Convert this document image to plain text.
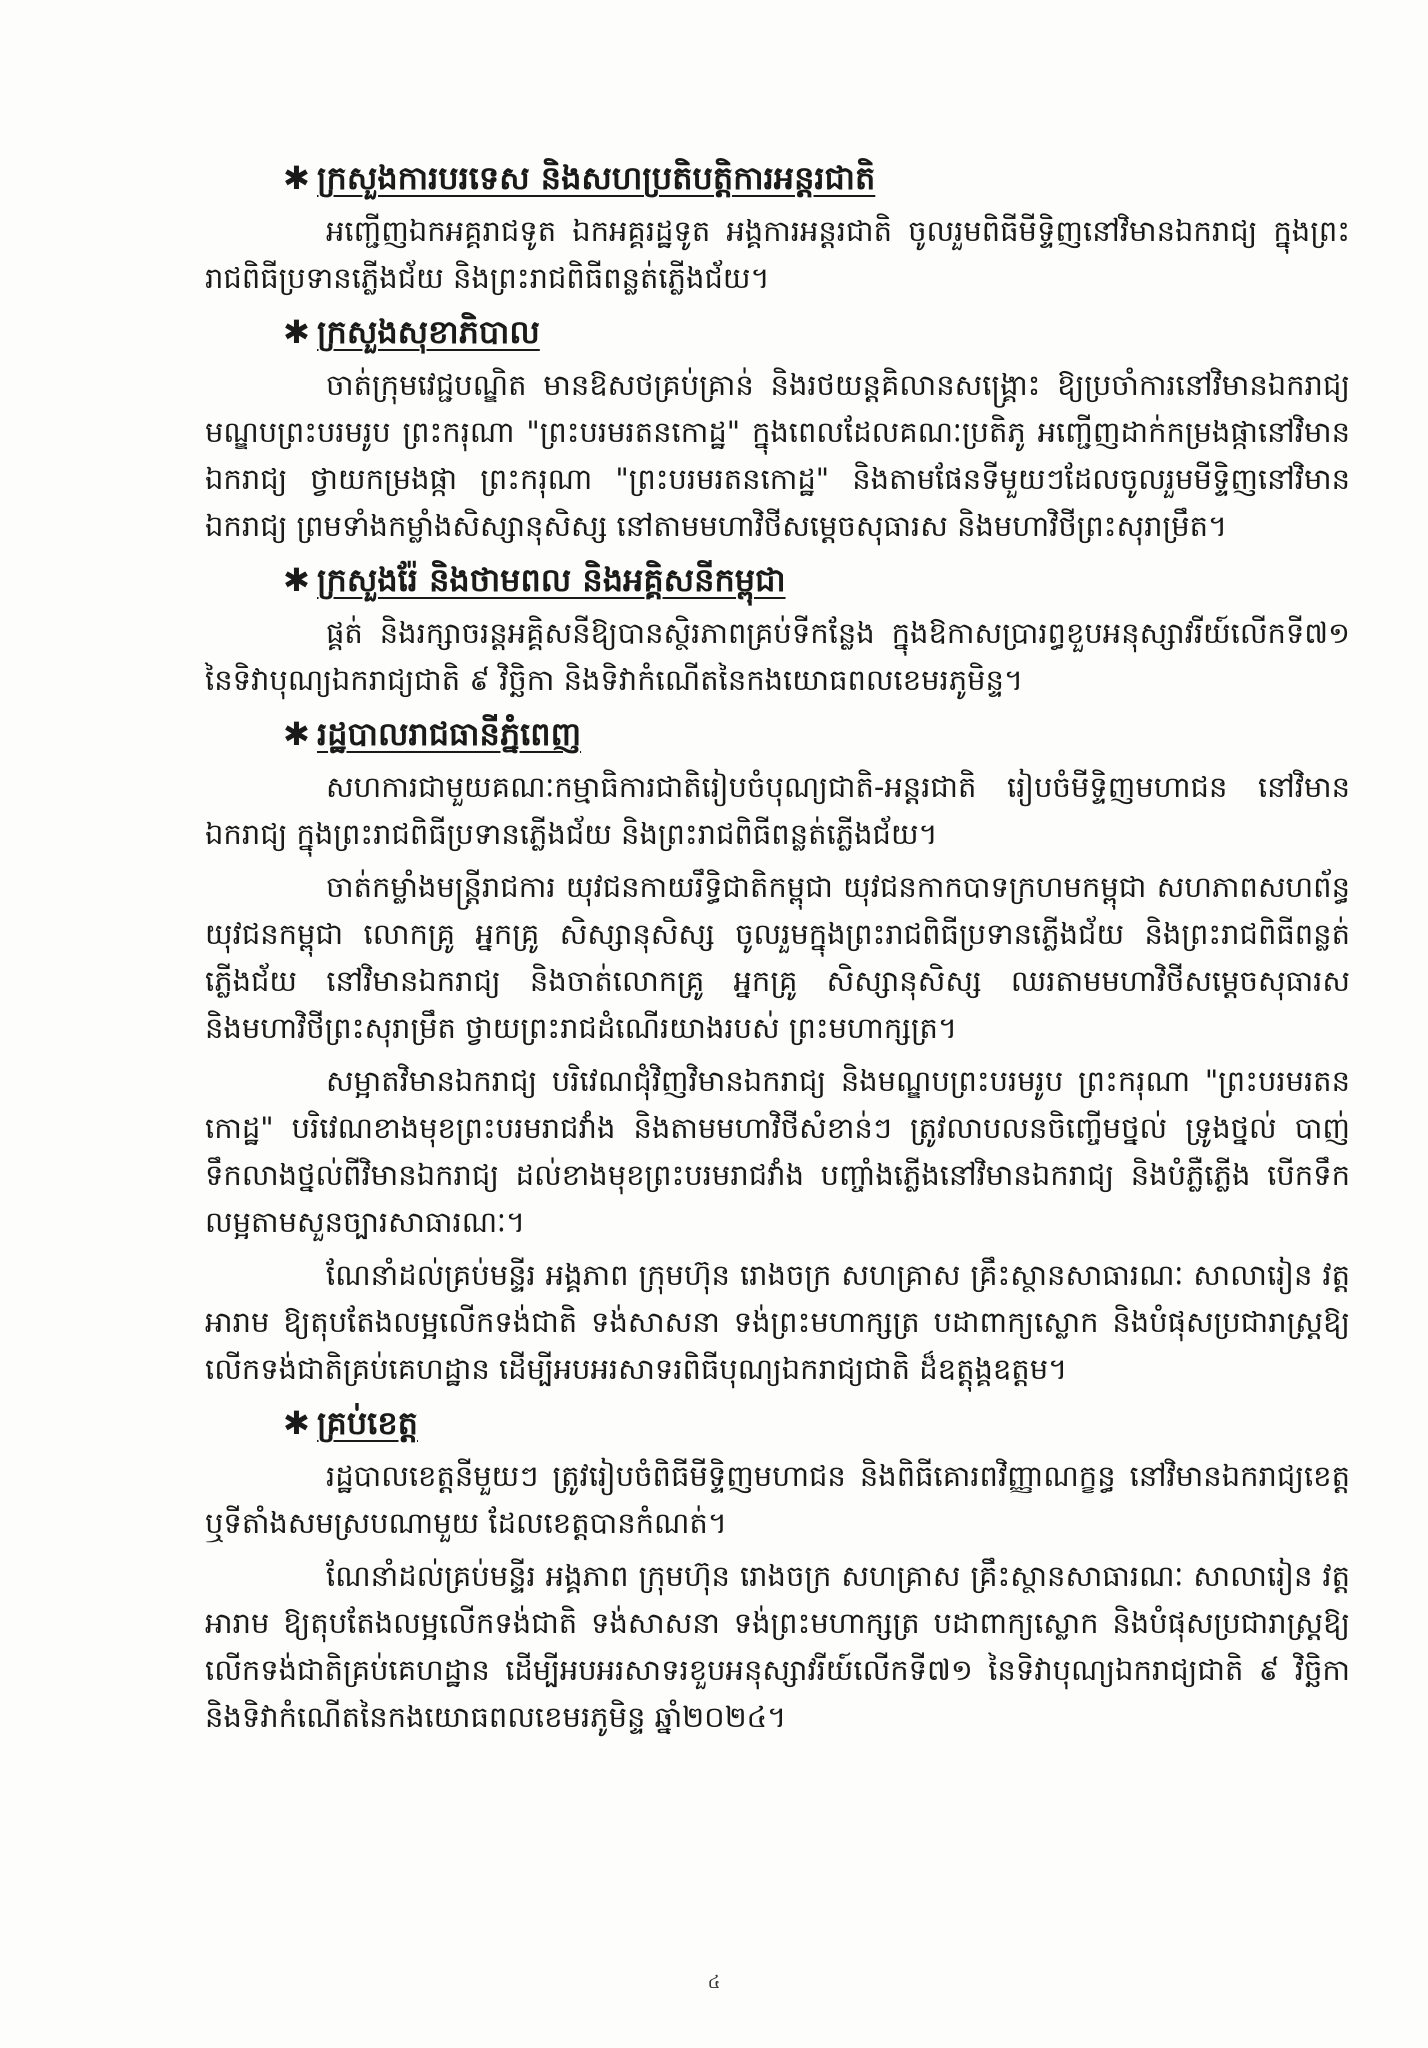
✱ ក្រសួងការបរទេស និងសហប្រតិបត្តិការអន្តរជាតិ

អញ្ជើញឯកអគ្គរាជទូត ឯកអគ្គរដ្ឋទូត អង្គការអន្តរជាតិ ចូលរួមពិធីមីទ្ទិញនៅវិមានឯករាជ្យ ក្នុងព្រះរាជពិធីប្រទានភ្លើងជ័យ និងព្រះរាជពិធីពន្លត់ភ្លើងជ័យ។

✱ ក្រសួងសុខាភិបាល

ចាត់ក្រុមវេជ្ជបណ្ឌិត មានឱសថគ្រប់គ្រាន់ និងរថយន្តគិលានសង្គ្រោះ ឱ្យប្រចាំការនៅវិមានឯករាជ្យ មណ្ឌបព្រះបរមរូប ព្រះករុណា "ព្រះបរមរតនកោដ្ឋ" ក្នុងពេលដែលគណៈប្រតិភូ អញ្ជើញដាក់កម្រងផ្កានៅវិមានឯករាជ្យ ថ្វាយកម្រងផ្កា ព្រះករុណា "ព្រះបរមរតនកោដ្ឋ" និងតាមផែនទីមួយៗដែលចូលរួមមីទ្ទិញនៅវិមានឯករាជ្យ ព្រមទាំងកម្លាំងសិស្សានុសិស្ស នៅតាមមហាវិថីសម្ដេចសុធារស និងមហាវិថីព្រះសុរាម្រឹត។

✱ ក្រសួងរ៉ែ និងថាមពល និងអគ្គិសនីកម្ពុជា

ផ្គត់ និងរក្សាចរន្តអគ្គិសនីឱ្យបានស្ថិរភាពគ្រប់ទីកន្លែង ក្នុងឱកាសប្រារព្ធខួបអនុស្សាវរីយ៍លើកទី៧១ នៃទិវាបុណ្យឯករាជ្យជាតិ ៩ វិច្ឆិកា និងទិវាកំណើតនៃកងយោធពលខេមរភូមិន្ទ។

✱ រដ្ឋបាលរាជធានីភ្នំពេញ

សហការជាមួយគណៈកម្មាធិការជាតិរៀបចំបុណ្យជាតិ-អន្តរជាតិ រៀបចំមីទ្ទិញមហាជន នៅវិមានឯករាជ្យ ក្នុងព្រះរាជពិធីប្រទានភ្លើងជ័យ និងព្រះរាជពិធីពន្លត់ភ្លើងជ័យ។

ចាត់កម្លាំងមន្ត្រីរាជការ យុវជនកាយរឹទ្ធិជាតិកម្ពុជា យុវជនកាកបាទក្រហមកម្ពុជា សហភាពសហព័ន្ធយុវជនកម្ពុជា លោកគ្រូ អ្នកគ្រូ សិស្សានុសិស្ស ចូលរួមក្នុងព្រះរាជពិធីប្រទានភ្លើងជ័យ និងព្រះរាជពិធីពន្លត់ភ្លើងជ័យ នៅវិមានឯករាជ្យ និងចាត់លោកគ្រូ អ្នកគ្រូ សិស្សានុសិស្ស ឈរតាមមហាវិថីសម្ដេចសុធារស និងមហាវិថីព្រះសុរាម្រឹត ថ្វាយព្រះរាជដំណើរយាងរបស់ ព្រះមហាក្សត្រ។

សម្អាតវិមានឯករាជ្យ បរិវេណជុំវិញវិមានឯករាជ្យ និងមណ្ឌបព្រះបរមរូប ព្រះករុណា "ព្រះបរមរតនកោដ្ឋ" បរិវេណខាងមុខព្រះបរមរាជវាំង និងតាមមហាវិថីសំខាន់ៗ ត្រូវលាបលនចិញ្ចើមថ្នល់ ទ្រូងថ្នល់ បាញ់ទឹកលាងថ្នល់ពីវិមានឯករាជ្យ ដល់ខាងមុខព្រះបរមរាជវាំង បញ្ចាំងភ្លើងនៅវិមានឯករាជ្យ និងបំភ្លឺភ្លើង បើកទឹកលម្អតាមសួនច្បារសាធារណៈ។

ណែនាំដល់គ្រប់មន្ទីរ អង្គភាព ក្រុមហ៊ុន រោងចក្រ សហគ្រាស គ្រឹះស្ថានសាធារណៈ សាលារៀន វត្តអារាម ឱ្យតុបតែងលម្អលើកទង់ជាតិ ទង់សាសនា ទង់ព្រះមហាក្សត្រ បដាពាក្យស្លោក និងបំផុសប្រជារាស្ត្រឱ្យលើកទង់ជាតិគ្រប់គេហដ្ឋាន ដើម្បីអបអរសាទរពិធីបុណ្យឯករាជ្យជាតិ ដ៏ឧត្តុង្គឧត្តម។

✱ គ្រប់ខេត្ត

រដ្ឋបាលខេត្តនីមួយៗ ត្រូវរៀបចំពិធីមីទ្ទិញមហាជន និងពិធីគោរពវិញ្ញាណក្ខន្ធ នៅវិមានឯករាជ្យខេត្ត ឬទីតាំងសមស្របណាមួយ ដែលខេត្តបានកំណត់។

ណែនាំដល់គ្រប់មន្ទីរ អង្គភាព ក្រុមហ៊ុន រោងចក្រ សហគ្រាស គ្រឹះស្ថានសាធារណៈ សាលារៀន វត្តអារាម ឱ្យតុបតែងលម្អលើកទង់ជាតិ ទង់សាសនា ទង់ព្រះមហាក្សត្រ បដាពាក្យស្លោក និងបំផុសប្រជារាស្ត្រឱ្យលើកទង់ជាតិគ្រប់គេហដ្ឋាន ដើម្បីអបអរសាទរខួបអនុស្សាវរីយ៍លើកទី៧១ នៃទិវាបុណ្យឯករាជ្យជាតិ ៩ វិច្ឆិកា និងទិវាកំណើតនៃកងយោធពលខេមរភូមិន្ទ ឆ្នាំ២០២៤។

៤
